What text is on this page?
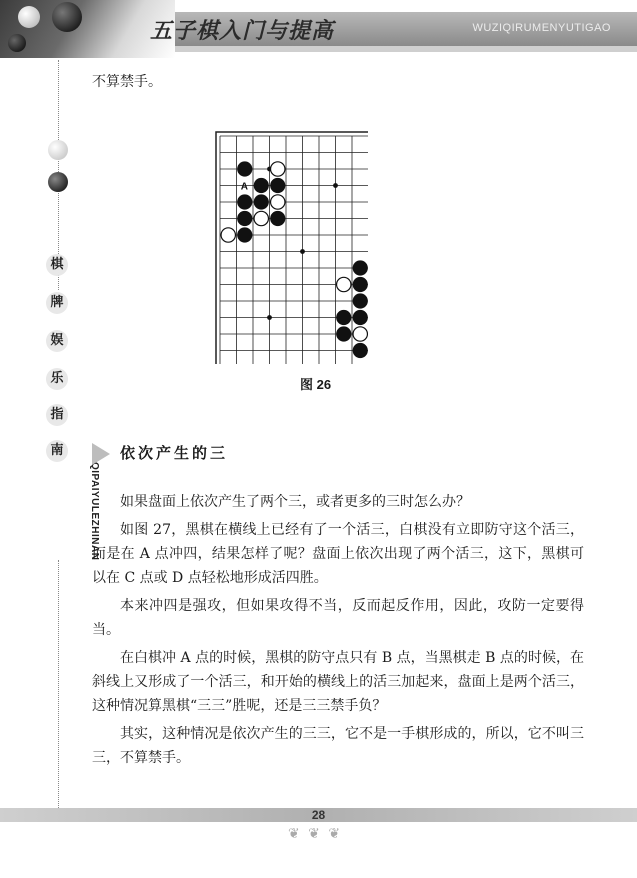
五子棋入门与提高	WUZIQIRUMENYUTIGAO
棋
牌
娱
乐
指
南
QIPAIYULEZHINAN

不算禁手。

A
B
图 26
依次产生的三

如果盘面上依次产生了两个三，或者更多的三时怎么办？

如图 27，黑棋在横线上已经有了一个活三，白棋没有立即防守这个活三，而是在 A 点冲四，结果怎样了呢？盘面上依次出现了两个活三，这下，黑棋可以在 C 点或 D 点轻松地形成活四胜。

本来冲四是强攻，但如果攻得不当，反而起反作用，因此，攻防一定要得当。

在白棋冲 A 点的时候，黑棋的防守点只有 B 点，当黑棋走 B 点的时候，在斜线上又形成了一个活三，和开始的横线上的活三加起来，盘面上是两个活三，这种情况算黑棋“三三”胜呢，还是三三禁手负？

其实，这种情况是依次产生的三三，它不是一手棋形成的，所以，它不叫三三，不算禁手。

28
❦ ❦ ❦
